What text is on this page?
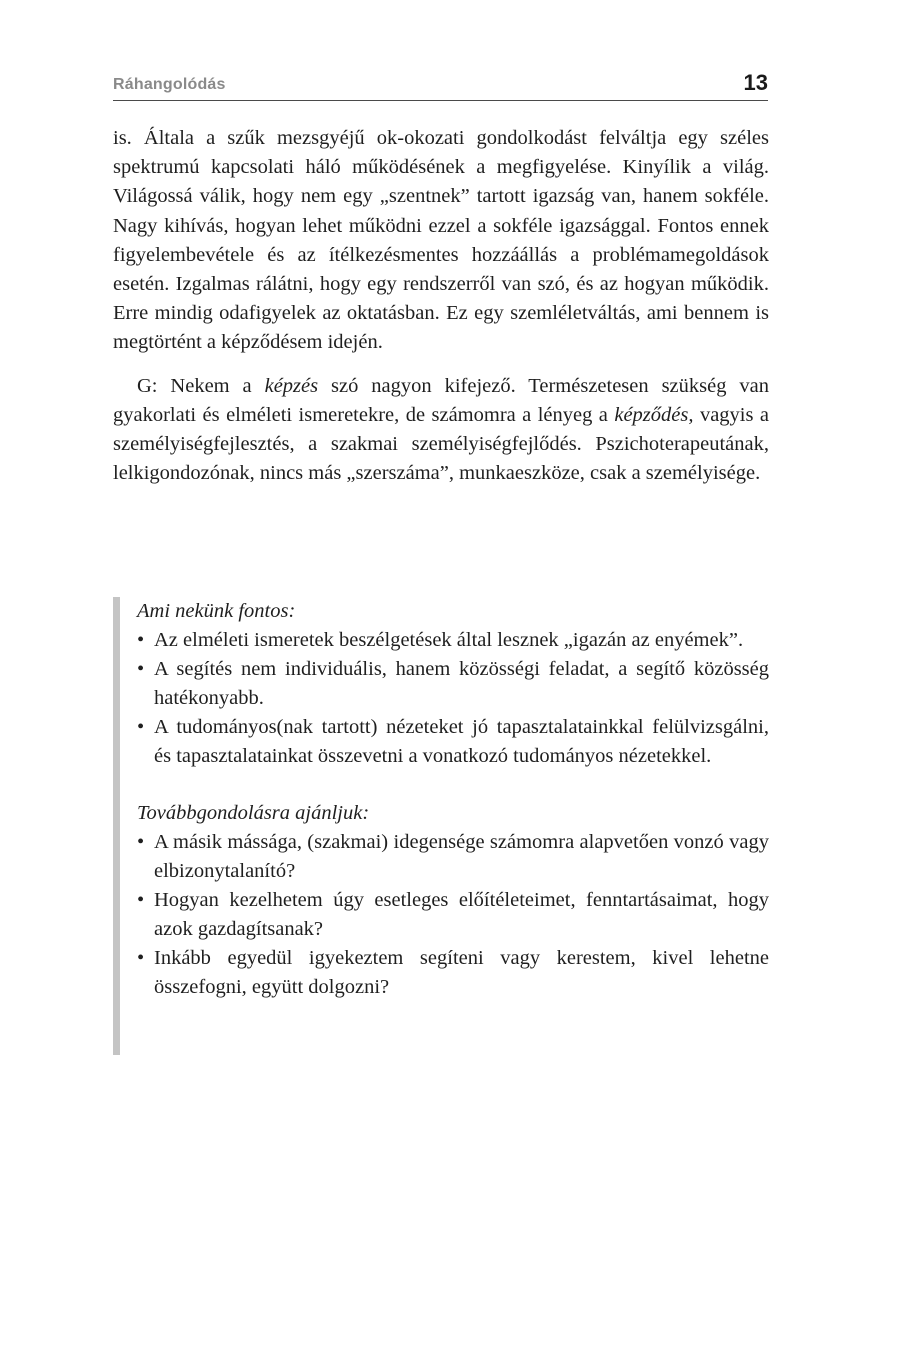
Ráhangolódás	13

is. Általa a szűk mezsgyéjű ok-okozati gondolkodást felváltja egy széles spektrumú kapcsolati háló működésének a megfigyelése. Kinyílik a világ. Világossá válik, hogy nem egy „szentnek” tartott igazság van, hanem sokféle. Nagy kihívás, hogyan lehet működni ezzel a sokféle igazsággal. Fontos ennek figyelembevétele és az ítélkezésmentes hozzáállás a problémamegoldások esetén. Izgalmas rálátni, hogy egy rendszerről van szó, és az hogyan működik. Erre mindig odafigyelek az oktatásban. Ez egy szemléletváltás, ami bennem is megtörtént a képződésem idején.

G: Nekem a képzés szó nagyon kifejező. Természetesen szükség van gyakorlati és elméleti ismeretekre, de számomra a lényeg a képződés, vagyis a személyiségfejlesztés, a szakmai személyiségfejlődés. Pszichoterapeutának, lelkigondozónak, nincs más „szerszáma”, munkaeszköze, csak a személyisége.

Ami nekünk fontos:

• Az elméleti ismeretek beszélgetések által lesznek „igazán az enyémek”.
• A segítés nem individuális, hanem közösségi feladat, a segítő közösség hatékonyabb.
• A tudományos(nak tartott) nézeteket jó tapasztalatainkkal felülvizsgálni, és tapasztalatainkat összevetni a vonatkozó tudományos nézetekkel.

Továbbgondolásra ajánljuk:

• A másik mássága, (szakmai) idegensége számomra alapvetően vonzó vagy elbizonytalanító?
• Hogyan kezelhetem úgy esetleges előítéleteimet, fenntartásaimat, hogy azok gazdagítsanak?
• Inkább egyedül igyekeztem segíteni vagy kerestem, kivel lehetne összefogni, együtt dolgozni?
